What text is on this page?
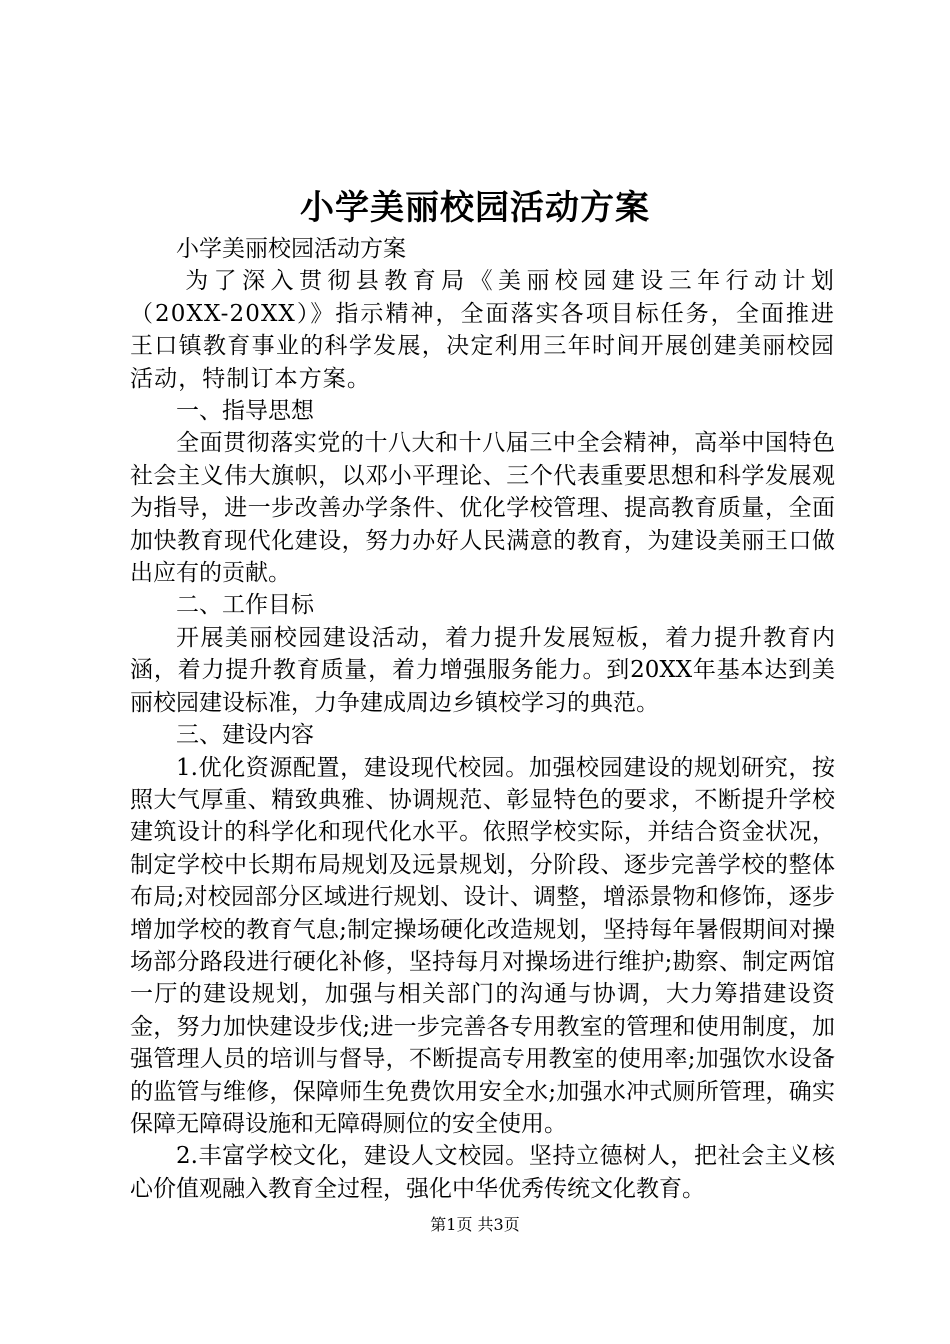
小学美丽校园活动方案

小学美丽校园活动方案

为了深入贯彻县教育局《美丽校园建设三年行动计划（20XX-20XX）》指示精神，全面落实各项目标任务，全面推进王口镇教育事业的科学发展，决定利用三年时间开展创建美丽校园活动，特制订本方案。

一、指导思想

全面贯彻落实党的十八大和十八届三中全会精神，高举中国特色社会主义伟大旗帜，以邓小平理论、三个代表重要思想和科学发展观为指导，进一步改善办学条件、优化学校管理、提高教育质量，全面加快教育现代化建设，努力办好人民满意的教育，为建设美丽王口做出应有的贡献。

二、工作目标

开展美丽校园建设活动，着力提升发展短板，着力提升教育内涵，着力提升教育质量，着力增强服务能力。到20XX年基本达到美丽校园建设标准，力争建成周边乡镇校学习的典范。

三、建设内容

1.优化资源配置，建设现代校园。加强校园建设的规划研究，按照大气厚重、精致典雅、协调规范、彰显特色的要求，不断提升学校建筑设计的科学化和现代化水平。依照学校实际，并结合资金状况，制定学校中长期布局规划及远景规划，分阶段、逐步完善学校的整体布局;对校园部分区域进行规划、设计、调整，增添景物和修饰，逐步增加学校的教育气息;制定操场硬化改造规划，坚持每年暑假期间对操场部分路段进行硬化补修，坚持每月对操场进行维护;勘察、制定两馆一厅的建设规划，加强与相关部门的沟通与协调，大力筹措建设资金，努力加快建设步伐;进一步完善各专用教室的管理和使用制度，加强管理人员的培训与督导，不断提高专用教室的使用率;加强饮水设备的监管与维修，保障师生免费饮用安全水;加强水冲式厕所管理，确实保障无障碍设施和无障碍厕位的安全使用。

2.丰富学校文化，建设人文校园。坚持立德树人，把社会主义核心价值观融入教育全过程，强化中华优秀传统文化教育。

第1页 共3页
